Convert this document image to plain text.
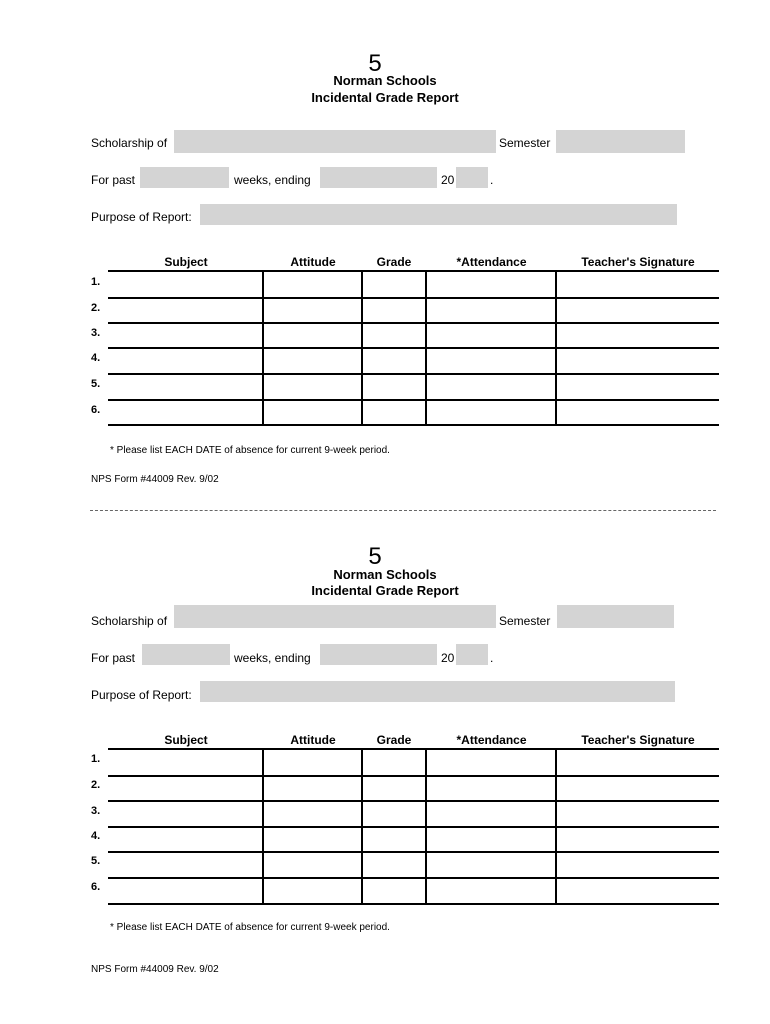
5
Norman Schools
Incidental Grade Report
Scholarship of	Semester
For past	weeks, ending	20	.
Purpose of Report:
Subject	Attitude	Grade	*Attendance	Teacher's Signature
1.
2.
3.
4.
5.
6.
* Please list EACH DATE of absence for current 9-week period.
NPS Form #44009 Rev. 9/02
5
Norman Schools
Incidental Grade Report
Scholarship of	Semester
For past	weeks, ending	20	.
Purpose of Report:
Subject	Attitude	Grade	*Attendance	Teacher's Signature
1.
2.
3.
4.
5.
6.
* Please list EACH DATE of absence for current 9-week period.
NPS Form #44009 Rev. 9/02
